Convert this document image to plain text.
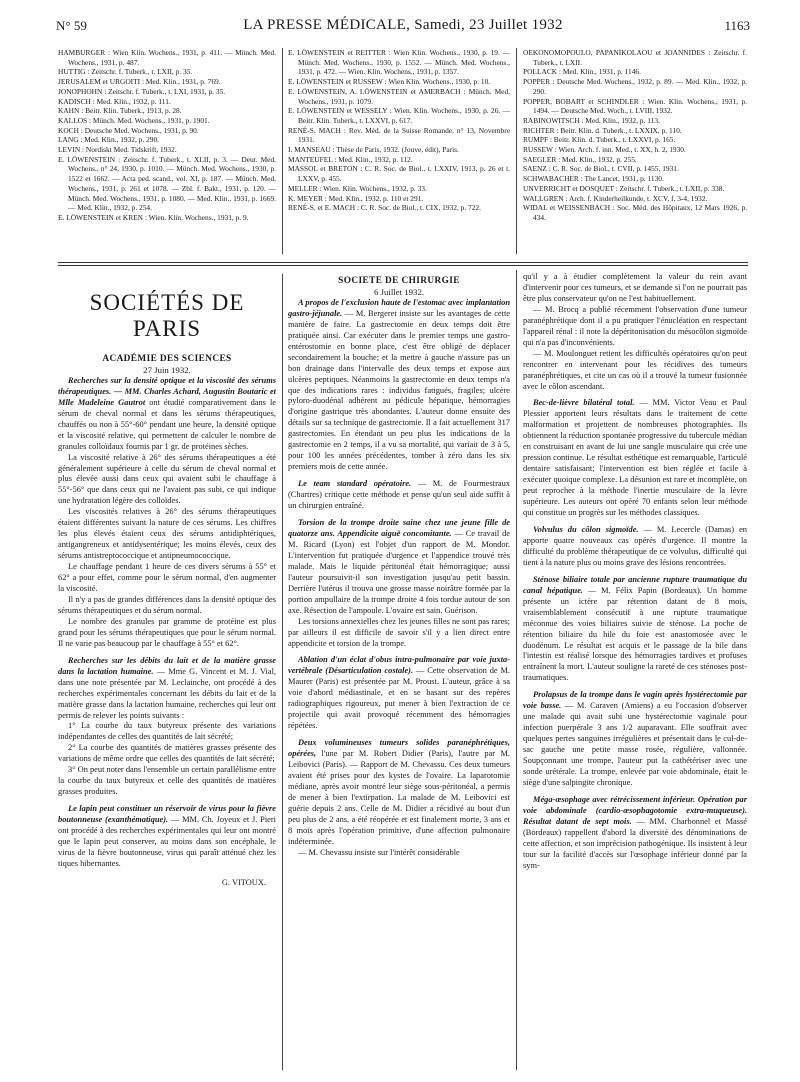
N° 59	LA PRESSE MÉDICALE, Samedi, 23 Juillet 1932	1163

HAMBURGER : Wien Klin. Wochens., 1931, p. 411. — Münch. Med. Wochens., 1931, p. 487.

HUTTIG : Zeitschr. f. Tuberk., t. LXII, p. 35.

JERUSALEM et URGOITI : Med. Klin., 1931, p. 769.

JONOPHOHN : Zeitschr. f. Tuberk., t. LXI, 1931, p. 35.

KADISCH : Med. Klin., 1932, p. 111.

KAHN : Beitr. Klin. Tuberk., 1913, p. 28.

KALLOS : Münch. Med. Wochens., 1931, p. 1901.

KOCH : Deutsche Med. Wochens., 1931, p. 90.

LANG : Med. Klin., 1932, p. 290.

LEVIN : Nordiskt Med. Tidskrift, 1932.

E. LÖWENSTEIN : Zeitschr. f. Tuberk., t. XLII, p. 3. — Deut. Med. Wochens., n° 24, 1930, p. 1010. — Münch. Med. Wochens., 1930, p. 1522 et 1662. — Acta ped. scand., vol. XI, p. 187. — Münch. Med. Wochens., 1931, p. 261 et 1078. — Zbl. f. Bakt., 1931, p. 120. — Münch. Med. Wochens., 1931, p. 1080. — Med. Klin., 1931, p. 1669. — Med. Klin., 1932, p. 254.

E. LÖWENSTEIN et KREN : Wien. Klin. Wochens., 1931, p. 9.

E. LÖWENSTEIN et REITTER : Wien Klin. Wochens., 1930, p. 19. — Münch. Med. Wochens., 1930, p. 1552. — Münch. Med. Wochens., 1931, p. 472. — Wien. Klin. Wochens., 1931, p. 1357.

E. LÖWENSTEIN et RUSSEW : Wien Klin. Wochens., 1930, p. 10.

E. LÖWENSTEIN, A. LÖWENSTEIN et AMERBACH : Münch. Med. Wochens., 1931, p. 1079.

E. LÖWENSTEIN et WESSELY : Wien. Klin. Wochens., 1930, p. 26. — Beitr. Klin. Tuberk., t. LXXVI, p. 617.

RENÉ-S. MACH : Rev. Méd. de la Suisse Romande, n° 13, Novembre 1931.

I. MANSEAU : Thèse de Paris, 1932. (Jouve, édit), Paris.

MANTEUFEL : Med. Klin., 1932, p. 112.

MASSOL et BRETON : C. R. Soc. de Biol., t. LXXIV, 1913, p. 26 et t. LXXV, p. 455.

MELLER : Wien. Klin. Wochens., 1932, p. 33.

K. MEYER : Med. Klin., 1932, p. 110 et 291.

RENÉ-S. et E. MACH : C. R. Soc. de Biol., t. CIX, 1932, p. 722.

OEKONOMOPOULO, PAPANIKOLAOU et JOANNIDES : Zeitschr. f. Tuberk., t. LXII.

POLLACK : Med. Klin., 1931, p. 1146.

POPPER : Deutsche Med. Wochens., 1932, p. 89. — Med. Klin., 1932, p. 290.

POPPER, BOBART et SCHINDLER : Wien. Klin. Wochens., 1931, p. 1494. — Deutsche Med. Woch., t. LVIII, 1932.

RABINOWITSCH : Med. Klin., 1932, p. 113.

RICHTER : Beitr. Klin. d. Tuberk., t. LXXIX, p. 110.

RUMPF : Beitr. Klin. d. Tuberk., t. LXXVI, p. 165.

RUSSEW : Wien. Arch. f. inn. Med., t. XX, h. 2, 1930.

SAEGLER : Med. Klin., 1932, p. 255.

SAENZ : C. R. Soc. de Biol., t. CVII, p. 1455, 1931.

SCHWABACHER : The Lancet, 1931, p. 1130.

UNVERRICHT et DOSQUET : Zeitschr. f. Tuberk., t. LXII, p. 338.

WALLGREN : Arch. f. Kinderheilkunde, t. XCV, f. 3-4, 1932.

WIDAL et WEISSENBACH : Soc. Méd. des Hôpitaux, 12 Mars 1926, p. 434.

SOCIÉTÉS DE PARIS

ACADÉMIE DES SCIENCES

27 Juin 1932.

Recherches sur la densité optique et la viscosité des sérums thérapeutiques. — MM. Charles Achard, Augustin Boutaric et Mlle Madeleine Gautrot ont étudié comparativement dans le sérum de cheval normal et dans les sérums thérapeutiques, chauffés ou non à 55°-60° pendant une heure, la densité optique et la viscosité relative, qui permettent de calculer le nombre de granules colloïdaux fournis par 1 gr. de protéines sèches.

La viscosité relative à 26° des sérums thérapeutiques a été généralement supérieure à celle du sérum de cheval normal et plus élevée aussi dans ceux qui avaient subi le chauffage à 55°-56° que dans ceux qui ne l'avaient pas subi, ce qui indique une hydratation légère des colloïdes.

Les viscosités relatives à 26° des sérums thérapeutiques étaient différentes suivant la nature de ces sérums. Les chiffres les plus élevés étaient ceux des sérums antidiphtériques, antigangreneux et antidysentérique; les moins élevés, ceux des sérums antistreptococcique et antipneumococcique.

Le chauffage pendant 1 heure de ces divers sérums à 55° et 62° a pour effet, comme pour le sérum normal, d'en augmenter la viscosité.

Il n'y a pas de grandes différences dans la densité optique des sérums thérapeutiques et du sérum normal.

Le nombre des granules par gramme de protéine est plus grand pour les sérums thérapeutiques que pour le sérum normal. Il ne varie pas beaucoup par le chauffage à 55° et 62°.

Recherches sur les débits du lait et de la matière grasse dans la lactation humaine. — Mme G. Vincent et M. J. Vial, dans une note présentée par M. Leclainche, ont procédé à des recherches expérimentales concernant les débits du lait et de la matière grasse dans la lactation humaine, recherches qui leur ont permis de relever les points suivants :

1° La courbe du taux butyreux présente des variations indépendantes de celles des quantités de lait sécrété;

2° La courbe des quantités de matières grasses présente des variations de même ordre que celles des quantités de lait sécrété;

3° On peut noter dans l'ensemble un certain parallélisme entre la courbe du taux butyreux et celle des quantités de matières grasses produites.

Le lapin peut constituer un réservoir de virus pour la fièvre boutonneuse (exanthématique). — MM. Ch. Joyeux et J. Pieri ont procédé à des recherches expérimentales qui leur ont montré que le lapin peut conserver, au moins dans son encéphale, le virus de la fièvre boutonneuse, virus qui paraît atténué chez les tiques hibernantes.

G. VITOUX.

SOCIÉTÉ DE CHIRURGIE

6 Juillet 1932.

A propos de l'exclusion haute de l'estomac avec implantation gastro-jéjunale. — M. Bergeret insiste sur les avantages de cette manière de faire. La gastrectomie en deux temps doit être pratiquée ainsi. Car exécuter dans le premier temps une gastro-entérostomie en bonne place, c'est être obligé de déplacer secondairement la bouche; et la mettre à gauche n'assure pas un bon drainage dans l'intervalle des deux temps et expose aux ulcères peptiques. Néanmoins la gastrectomie en deux temps n'a que des indications rares : individus fatigués, fragiles; ulcère pyloro-duodénal adhérent au pédicule hépatique, hémorragies d'origine gastrique très abondantes. L'auteur donne ensuite des détails sur sa technique de gastrectomie. Il a fait actuellement 317 gastrectomies. En étendant un peu plus les indications de la gastrectomie en 2 temps, il a vu sa mortalité, qui variait de 3 à 5, pour 100 les années précédentes, tomber à zéro dans les six premiers mois de cette année.

Le team standard opératoire. — M. de Fourmestraux (Chartres) critique cette méthode et pense qu'un seul aide suffit à un chirurgien entraîné.

Torsion de la trompe droite saine chez une jeune fille de quatorze ans. Appendicite aiguë concomitante. — Ce travail de M. Ricard (Lyon) est l'objet d'un rapport de M. Mondor. L'intervention fut pratiquée d'urgence et l'appendice trouvé très malade. Mais le liquide péritonéal était hémorragique; aussi l'auteur poursuivit-il son investigation jusqu'au petit bassin. Derrière l'utérus il trouva une grosse masse noirâtre formée par la portion ampullaire de la trompe droite 4 fois tordue autour de son axe. Résection de l'ampoule. L'ovaire est sain. Guérison.

Les torsions annexielles chez les jeunes filles ne sont pas rares; par ailleurs il est difficile de savoir s'il y a lien direct entre appendicite et torsion de la trompe.

Ablation d'un éclat d'obus intra-pulmonaire par voie juxta-vertébrale (Désarticulation costale). — Cette observation de M. Maurer (Paris) est présentée par M. Proust. L'auteur, grâce à sa voie d'abord médiastinale, et en se basant sur des repères radiographiques rigoureux, put mener à bien l'extraction de ce projectile qui avait provoqué récemment des hémorragies répétées.

Deux volumineuses tumeurs solides paranéphrétiques, opérées, l'une par M. Robert Didier (Paris), l'autre par M. Leibovici (Paris). — Rapport de M. Chevassu. Ces deux tumeurs avaient été prises pour des kystes de l'ovaire. La laparotomie médiane, après avoir montré leur siège sous-péritonéal, a permis de mener à bien l'extirpation. La malade de M. Leibovici est guérie depuis 2 ans. Celle de M. Didier a récidivé au bout d'un peu plus de 2 ans, a été réopérée et est finalement morte, 3 ans et 8 mois après l'opération primitive, d'une affection pulmonaire indéterminée.

— M. Chevassu insiste sur l'intérêt considérable

qu'il y a à étudier complètement la valeur du rein avant d'intervenir pour ces tumeurs, et se demande si l'on ne pourrait pas être plus conservateur qu'on ne l'est habituellement.

— M. Brocq a publié récemment l'observation d'une tumeur paranéphrétique dont il a pu pratiquer l'énucléation en respectant l'appareil rénal : il note la dépéritonisation du mésocôlon sigmoïde qui n'a pas d'inconvénients.

— M. Moulonguet retient les difficultés opératoires qu'on peut rencontrer en intervenant pour les récidives des tumeurs paranéphrétiques, et cite un cas où il a trouvé la tumeur fusionnée avec le côlon ascendant.

Bec-de-lièvre bilatéral total. — MM. Victor Veau et Paul Plessier apportent leurs résultats dans le traitement de cette malformation et projettent de nombreuses photographies. Ils obtiennent la réduction spontanée progressive du tubercule médian en construisant en avant de lui une sangle musculaire qui crée une pression continue. Le résultat esthétique est remarquable, l'articulé dentaire satisfaisant; l'intervention est bien réglée et facile à exécuter quoique complexe. La désunion est rare et incomplète, on peut reprocher à la méthode l'inertie musculaire de la lèvre supérieure. Les auteurs ont opéré 70 enfants selon leur méthode qui constitue un progrès sur les méthodes classiques.

Volvulus du côlon sigmoïde. — M. Lecercle (Damas) en apporte quatre nouveaux cas opérés d'urgence. Il montre la difficulté du problème thérapeutique de ce volvulus, difficulté qui tient à la nature plus ou moins grave des lésions rencontrées.

Sténose biliaire totale par ancienne rupture traumatique du canal hépatique. — M. Félix Papin (Bordeaux). Un homme présente un ictère par rétention datant de 8 mois, vraisemblablement consécutif à une rupture traumatique méconnue des voies biliaires suivie de sténose. La poche de rétention biliaire du hile du foie est anastomosée avec le duodénum. Le résultat est acquis et le passage de la bile dans l'intestin est réalisé lorsque des hémorragies tardives et profuses entraînent la mort. L'auteur souligne la rareté de ces sténoses post-traumatiques.

Prolapsus de la trompe dans le vagin après hystérectomie par voie basse. — M. Caraven (Amiens) a eu l'occasion d'observer une malade qui avait subi une hystérectomie vaginale pour infection puerpérale 3 ans 1/2 auparavant. Elle souffrait avec quelques pertes sanguines irrégulières et présentait dans le cul-de-sac gauche une petite masse rosée, régulière, vallonnée. Soupçonnant une trompe, l'auteur put la cathétériser avec une sonde urétérale. La trompe, enlevée par voie abdominale, était le siège d'une salpingite chronique.

Méga-œsophage avec rétrécissement inférieur. Opération par voie abdominale (cardio-œsophagotomie extra-muqueuse). Résultat datant de sept mois. — MM. Charbonnel et Massé (Bordeaux) rappellent d'abord la diversité des dénominations de cette affection, et son imprécision pathogénique. Ils insistent à leur tour sur la facilité d'accès sur l'œsophage inférieur donné par la sym-
